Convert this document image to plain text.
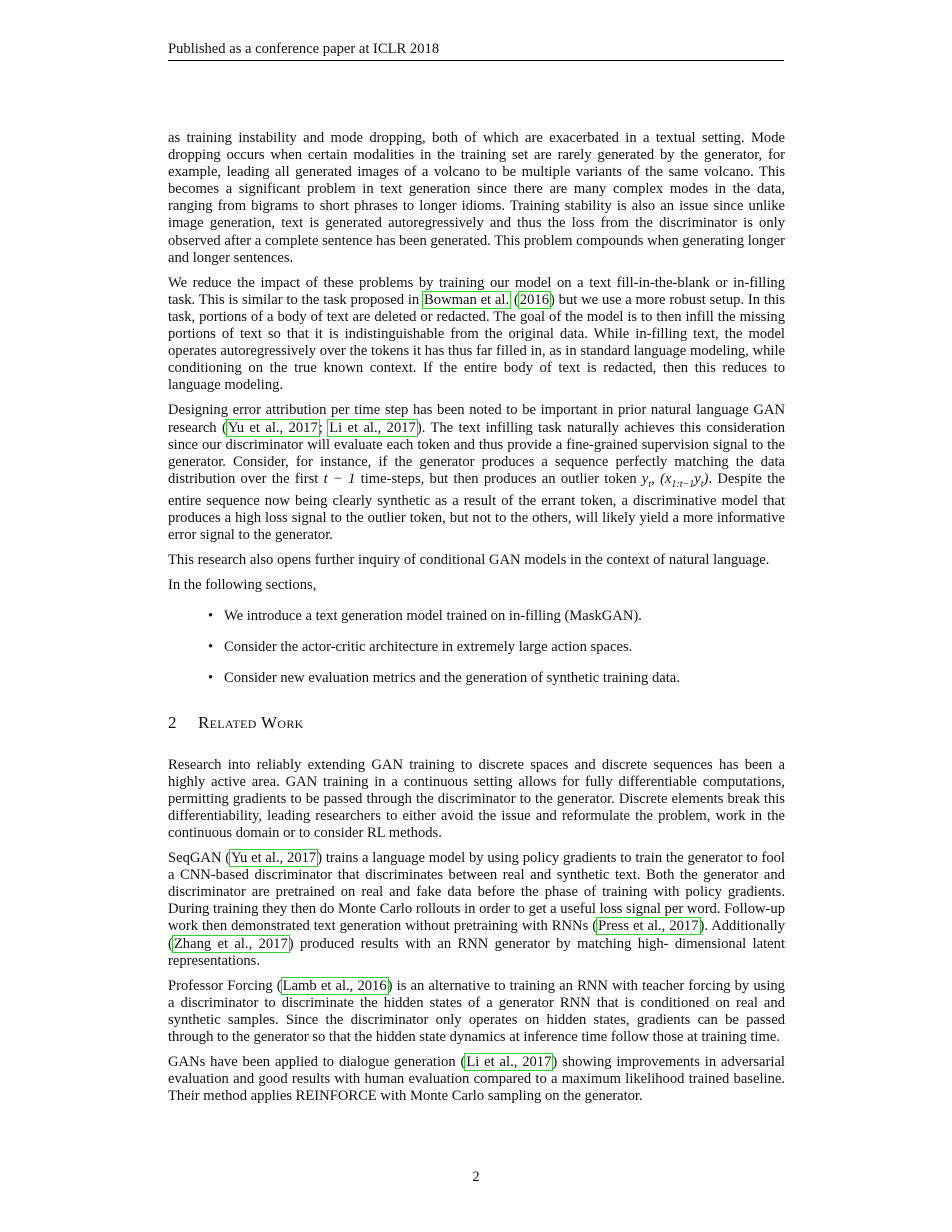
Published as a conference paper at ICLR 2018

as training instability and mode dropping, both of which are exacerbated in a textual setting. Mode dropping occurs when certain modalities in the training set are rarely generated by the generator, for example, leading all generated images of a volcano to be multiple variants of the same volcano. This becomes a significant problem in text generation since there are many complex modes in the data, ranging from bigrams to short phrases to longer idioms. Training stability is also an issue since unlike image generation, text is generated autoregressively and thus the loss from the discriminator is only observed after a complete sentence has been generated. This problem compounds when generating longer and longer sentences.

We reduce the impact of these problems by training our model on a text fill-in-the-blank or in-filling task. This is similar to the task proposed in Bowman et al. (2016) but we use a more robust setup. In this task, portions of a body of text are deleted or redacted. The goal of the model is to then infill the missing portions of text so that it is indistinguishable from the original data. While in-filling text, the model operates autoregressively over the tokens it has thus far filled in, as in standard language modeling, while conditioning on the true known context. If the entire body of text is redacted, then this reduces to language modeling.

Designing error attribution per time step has been noted to be important in prior natural language GAN research (Yu et al., 2017; Li et al., 2017). The text infilling task naturally achieves this consideration since our discriminator will evaluate each token and thus provide a fine-grained supervision signal to the generator. Consider, for instance, if the generator produces a sequence perfectly matching the data distribution over the first t − 1 time-steps, but then produces an outlier token $y_t$, $(x_{1:t-1}y_t)$. Despite the entire sequence now being clearly synthetic as a result of the errant token, a discriminative model that produces a high loss signal to the outlier token, but not to the others, will likely yield a more informative error signal to the generator.

This research also opens further inquiry of conditional GAN models in the context of natural language.

In the following sections,

• We introduce a text generation model trained on in-filling (MaskGAN).
• Consider the actor-critic architecture in extremely large action spaces.
• Consider new evaluation metrics and the generation of synthetic training data.
2 Related Work

Research into reliably extending GAN training to discrete spaces and discrete sequences has been a highly active area. GAN training in a continuous setting allows for fully differentiable computations, permitting gradients to be passed through the discriminator to the generator. Discrete elements break this differentiability, leading researchers to either avoid the issue and reformulate the problem, work in the continuous domain or to consider RL methods.

SeqGAN (Yu et al., 2017) trains a language model by using policy gradients to train the generator to fool a CNN-based discriminator that discriminates between real and synthetic text. Both the generator and discriminator are pretrained on real and fake data before the phase of training with policy gradients. During training they then do Monte Carlo rollouts in order to get a useful loss signal per word. Follow-up work then demonstrated text generation without pretraining with RNNs (Press et al., 2017). Additionally (Zhang et al., 2017) produced results with an RNN generator by matching high- dimensional latent representations.

Professor Forcing (Lamb et al., 2016) is an alternative to training an RNN with teacher forcing by using a discriminator to discriminate the hidden states of a generator RNN that is conditioned on real and synthetic samples. Since the discriminator only operates on hidden states, gradients can be passed through to the generator so that the hidden state dynamics at inference time follow those at training time.

GANs have been applied to dialogue generation (Li et al., 2017) showing improvements in adversarial evaluation and good results with human evaluation compared to a maximum likelihood trained baseline. Their method applies REINFORCE with Monte Carlo sampling on the generator.

2
